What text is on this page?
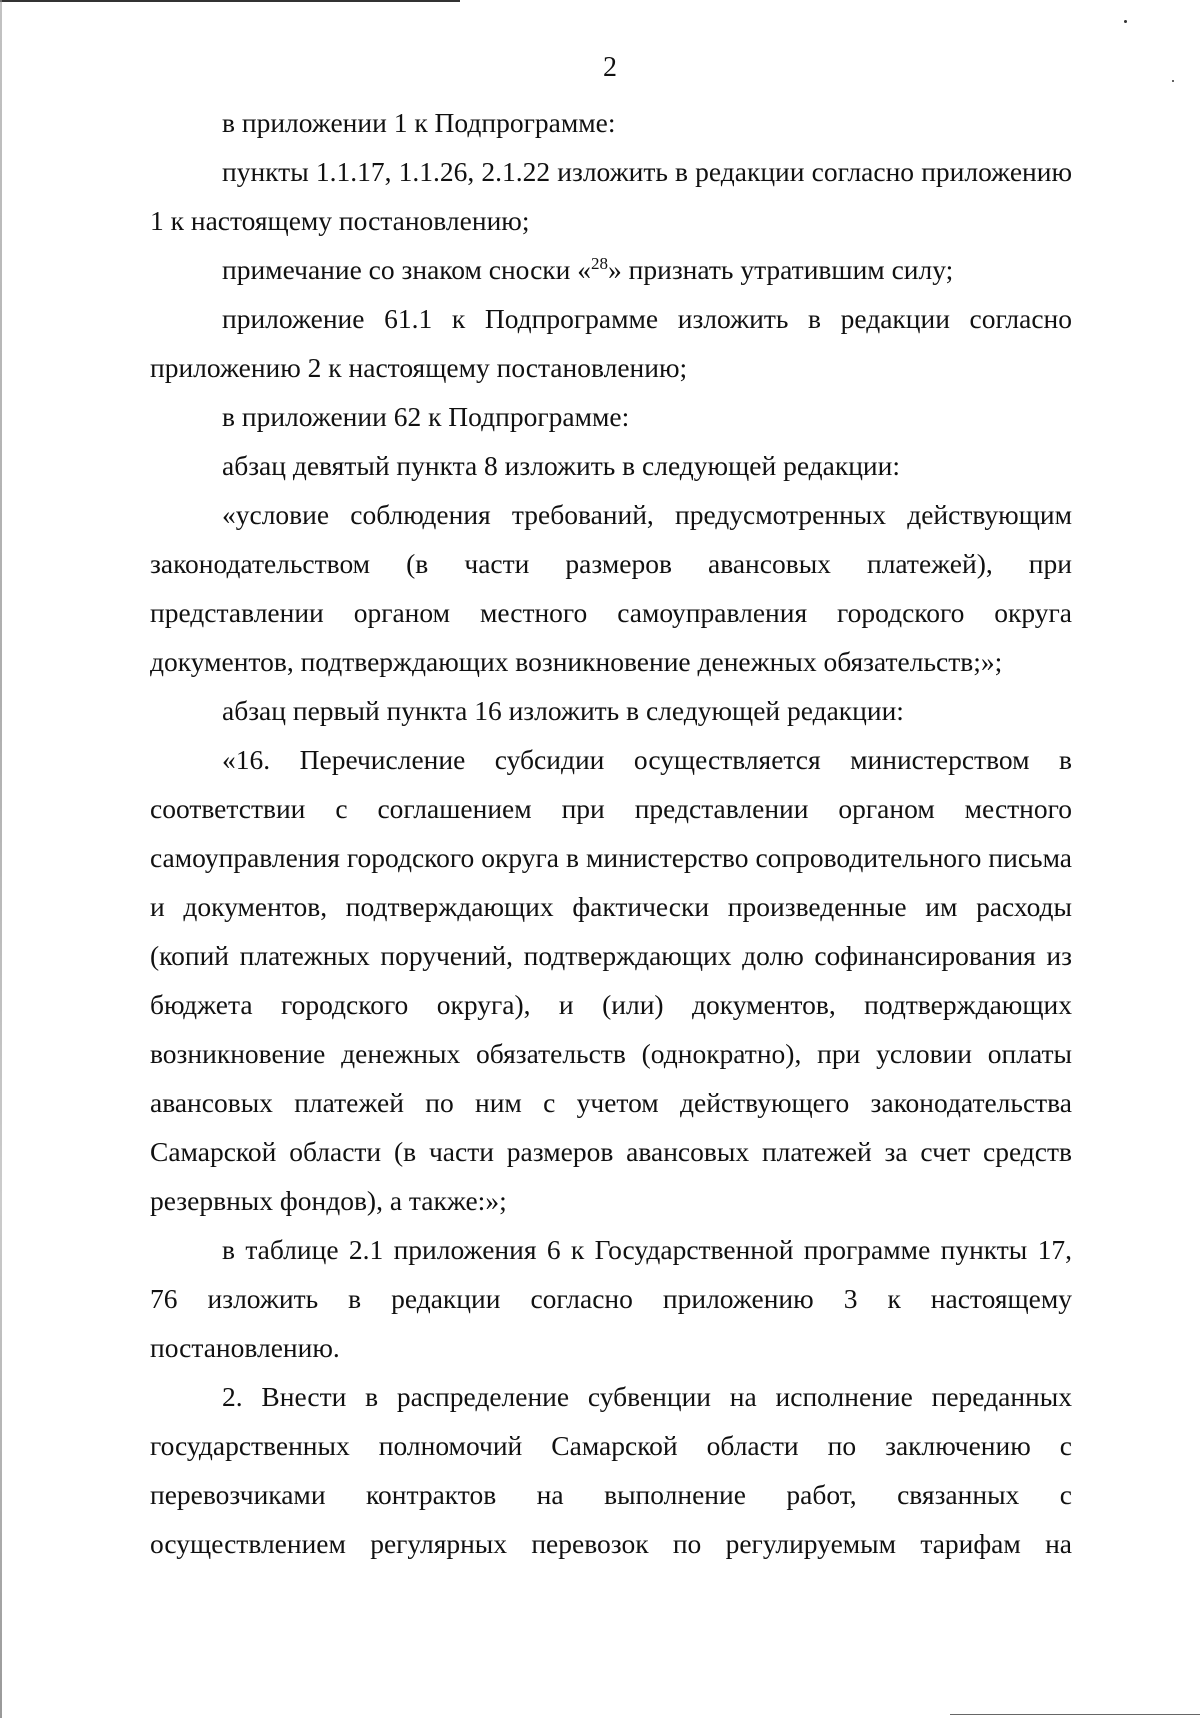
2

в приложении 1 к Подпрограмме:

пункты 1.1.17, 1.1.26, 2.1.22 изложить в редакции согласно приложению 1 к настоящему постановлению;

примечание со знаком сноски «$^{28}$» признать утратившим силу;

приложение 61.1 к Подпрограмме изложить в редакции согласно приложению 2 к настоящему постановлению;

в приложении 62 к Подпрограмме:

абзац девятый пункта 8 изложить в следующей редакции:

«условие соблюдения требований, предусмотренных действующим законодательством (в части размеров авансовых платежей), при представлении органом местного самоуправления городского округа документов, подтверждающих возникновение денежных обязательств;»;

абзац первый пункта 16 изложить в следующей редакции:

«16. Перечисление субсидии осуществляется министерством в соответствии с соглашением при представлении органом местного самоуправления городского округа в министерство сопроводительного письма и документов, подтверждающих фактически произведенные им расходы (копий платежных поручений, подтверждающих долю софинансирования из бюджета городского округа), и (или) документов, подтверждающих возникновение денежных обязательств (однократно), при условии оплаты авансовых платежей по ним с учетом действующего законодательства Самарской области (в части размеров авансовых платежей за счет средств резервных фондов), а также:»;

в таблице 2.1 приложения 6 к Государственной программе пункты 17, 76 изложить в редакции согласно приложению 3 к настоящему постановлению.

2. Внести в распределение субвенции на исполнение переданных государственных полномочий Самарской области по заключению с перевозчиками контрактов на выполнение работ, связанных с осуществлением регулярных перевозок по регулируемым тарифам на
